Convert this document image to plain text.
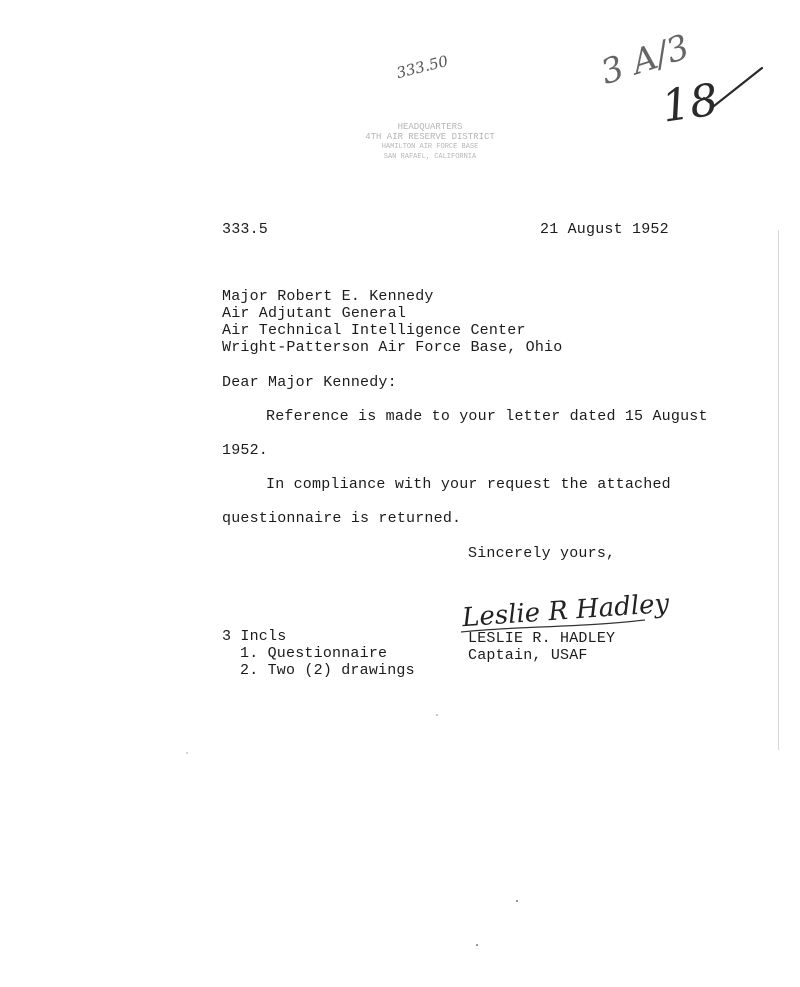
333.50	3 A/3
18
HEADQUARTERS
4TH AIR RESERVE DISTRICT
HAMILTON AIR FORCE BASE
SAN RAFAEL, CALIFORNIA
333.5	21 August 1952
Major Robert E. Kennedy
Air Adjutant General
Air Technical Intelligence Center
Wright-Patterson Air Force Base, Ohio
Dear Major Kennedy:
Reference is made to your letter dated 15 August
1952.
In compliance with your request the attached
questionnaire is returned.
Sincerely yours,
Leslie R Hadley
LESLIE R. HADLEY
Captain, USAF
3 Incls
1. Questionnaire
2. Two (2) drawings
